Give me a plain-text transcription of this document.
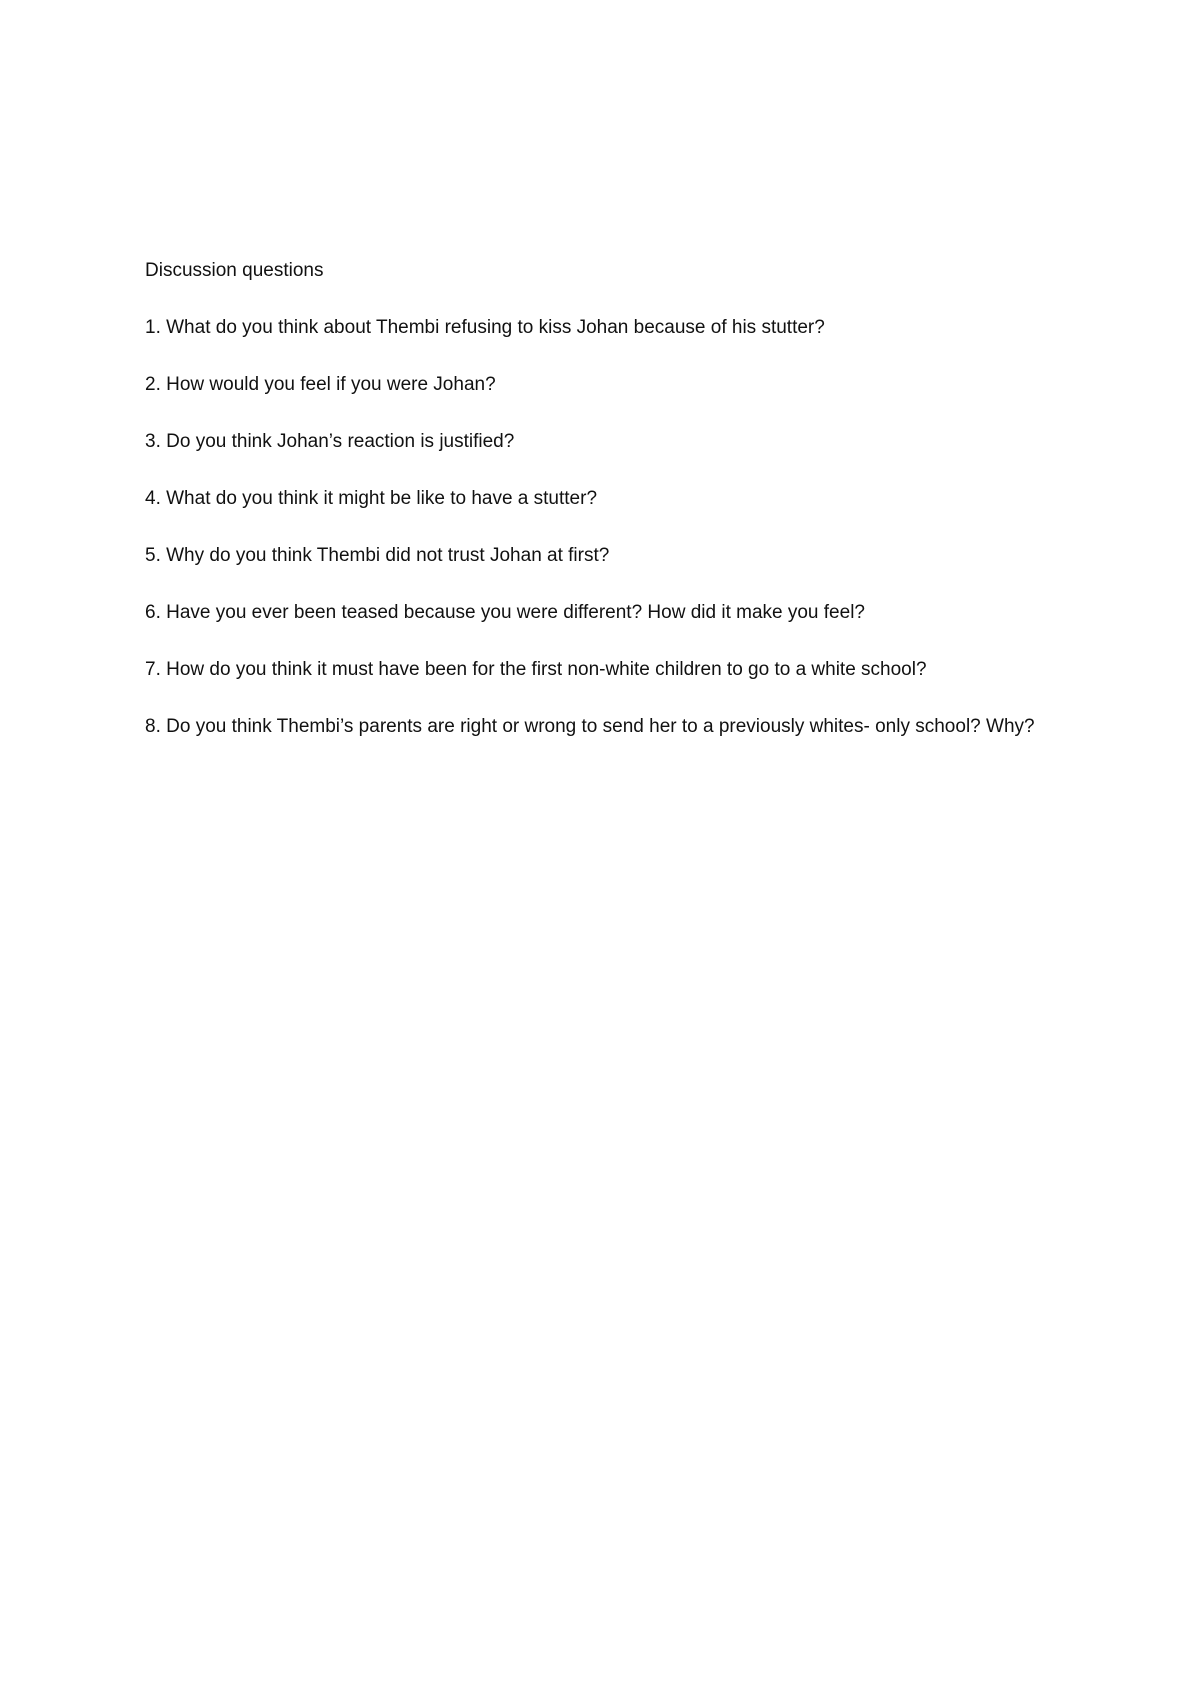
Discussion questions
1. What do you think about Thembi refusing to kiss Johan because of his stutter?
2. How would you feel if you were Johan?
3. Do you think Johan’s reaction is justified?
4. What do you think it might be like to have a stutter?
5. Why do you think Thembi did not trust Johan at first?
6. Have you ever been teased because you were different? How did it make you feel?
7. How do you think it must have been for the first non-white children to go to a white school?
8. Do you think Thembi’s parents are right or wrong to send her to a previously whites- only school? Why?
